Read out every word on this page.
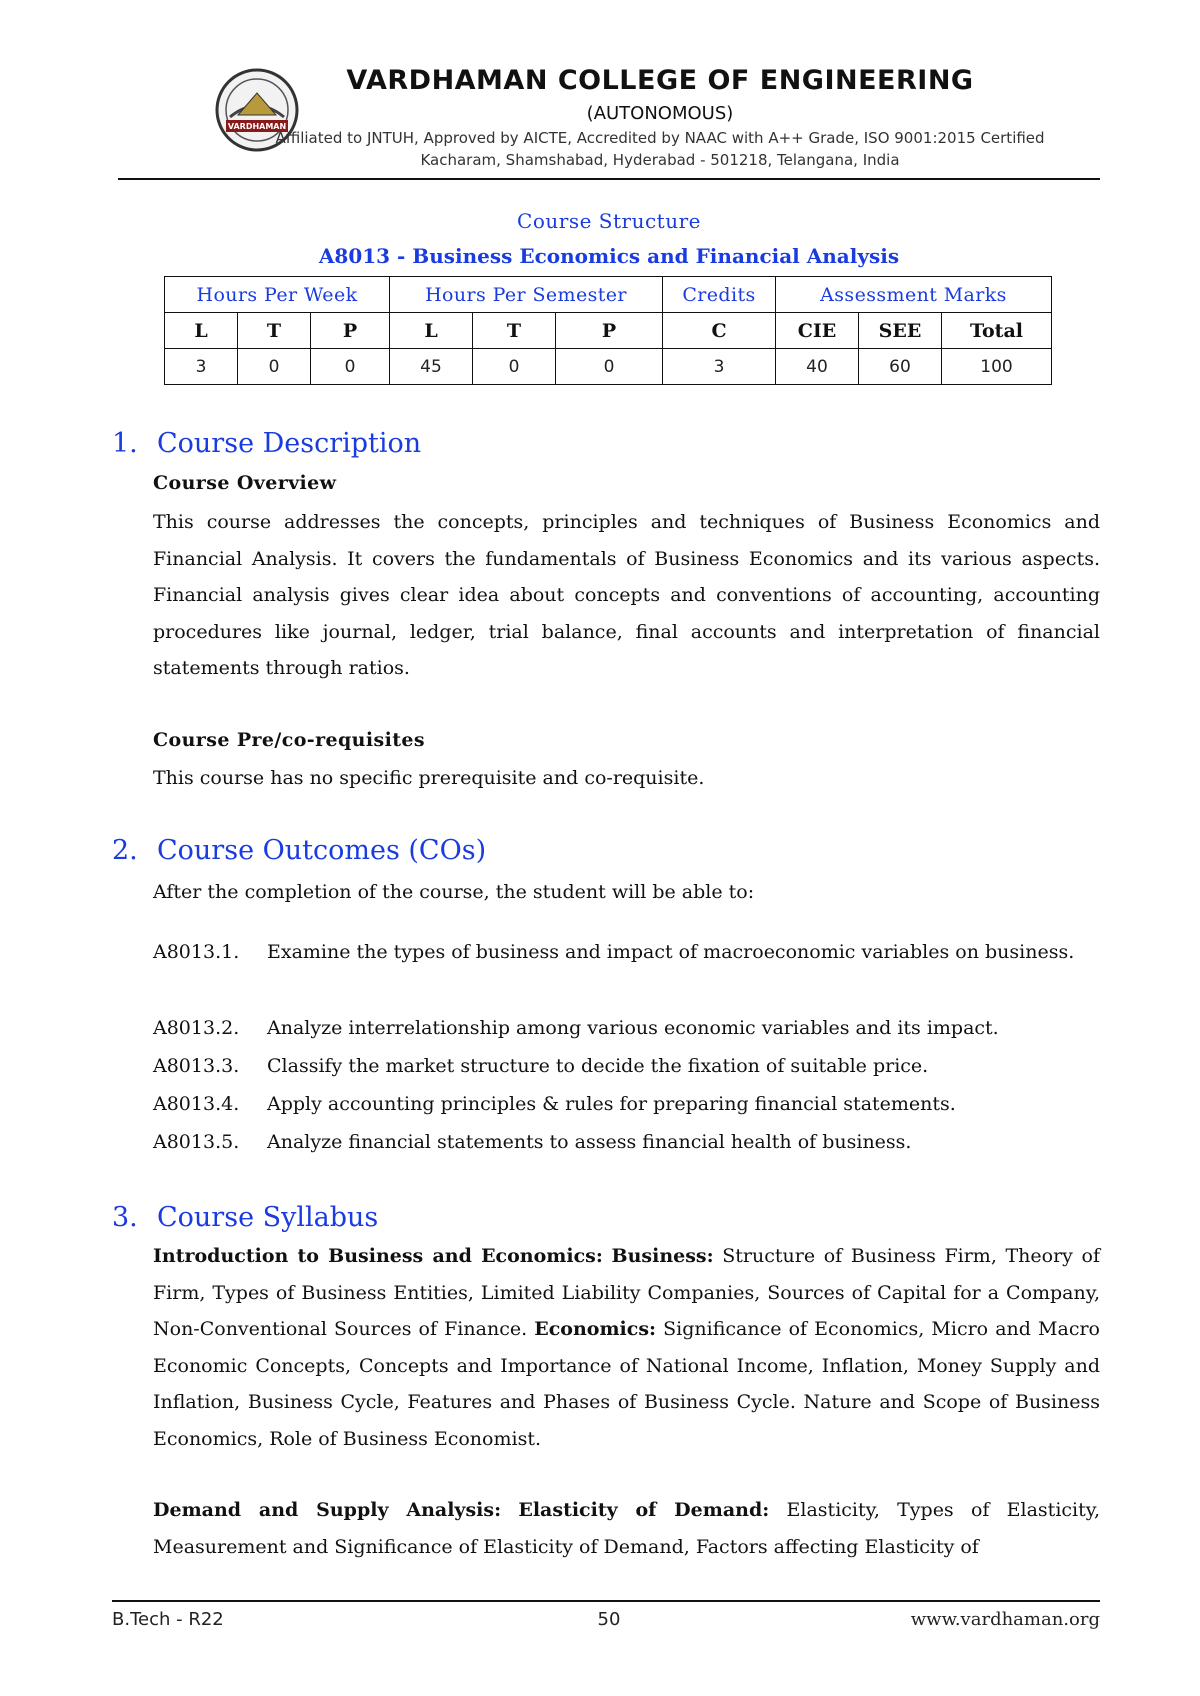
VARDHAMAN
VARDHAMAN COLLEGE OF ENGINEERING
(AUTONOMOUS)
Affiliated to JNTUH, Approved by AICTE, Accredited by NAAC with A++ Grade, ISO 9001:2015 Certified
Kacharam, Shamshabad, Hyderabad - 501218, Telangana, India
Course Structure
A8013 - Business Economics and Financial Analysis
Hours Per Week			Hours Per Semester			Credits	Assessment Marks		
L	T	P	L	T	P	C	CIE	SEE	Total
3	0	0	45	0	0	3	40	60	100
1. Course Description
Course Overview
This course addresses the concepts, principles and techniques of Business Economics and Financial Analysis. It covers the fundamentals of Business Economics and its various aspects. Financial analysis gives clear idea about concepts and conventions of accounting, accounting procedures like journal, ledger, trial balance, final accounts and interpretation of financial statements through ratios.
Course Pre/co-requisites
This course has no specific prerequisite and co-requisite.
2. Course Outcomes (COs)
After the completion of the course, the student will be able to:
A8013.1.	Examine the types of business and impact of macroeconomic variables on business.
A8013.2.	Analyze interrelationship among various economic variables and its impact.
A8013.3.	Classify the market structure to decide the fixation of suitable price.
A8013.4.	Apply accounting principles & rules for preparing financial statements.
A8013.5.	Analyze financial statements to assess financial health of business.
3. Course Syllabus
Introduction to Business and Economics: Business: Structure of Business Firm, Theory of Firm, Types of Business Entities, Limited Liability Companies, Sources of Capital for a Company, Non-Conventional Sources of Finance. Economics: Significance of Economics, Micro and Macro Economic Concepts, Concepts and Importance of National Income, Inflation, Money Supply and Inflation, Business Cycle, Features and Phases of Business Cycle. Nature and Scope of Business Economics, Role of Business Economist.
Demand and Supply Analysis: Elasticity of Demand: Elasticity, Types of Elasticity, Measurement and Significance of Elasticity of Demand, Factors affecting Elasticity of
B.Tech - R22	50	www.vardhaman.org
